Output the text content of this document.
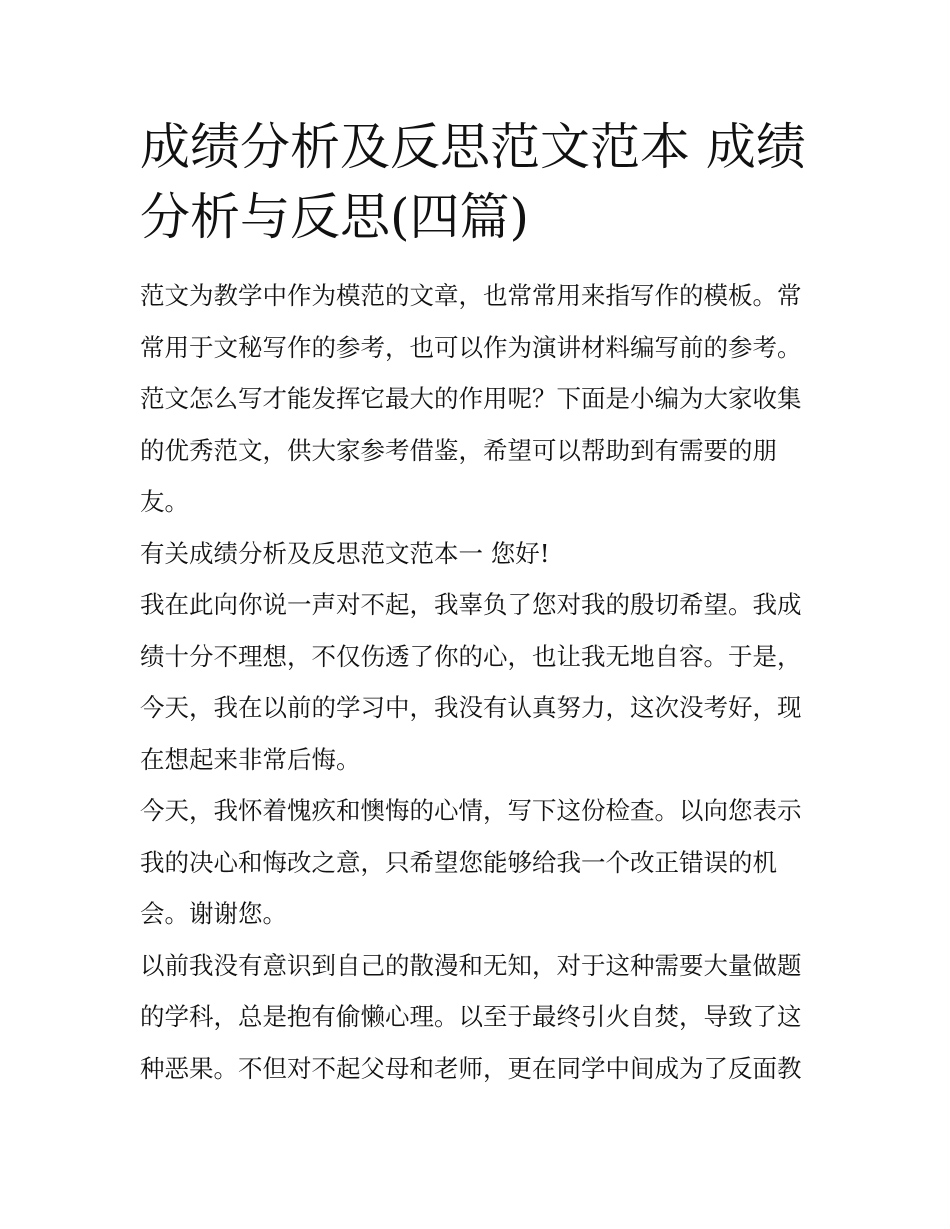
成绩分析及反思范文范本 成绩分析与反思(四篇)

范文为教学中作为模范的文章，也常常用来指写作的模板。常常用于文秘写作的参考，也可以作为演讲材料编写前的参考。范文怎么写才能发挥它最大的作用呢？下面是小编为大家收集的优秀范文，供大家参考借鉴，希望可以帮助到有需要的朋友。

有关成绩分析及反思范文范本一 您好!

我在此向你说一声对不起，我辜负了您对我的殷切希望。我成绩十分不理想，不仅伤透了你的心，也让我无地自容。于是，今天，我在以前的学习中，我没有认真努力，这次没考好，现在想起来非常后悔。

今天，我怀着愧疚和懊悔的心情，写下这份检查。以向您表示我的决心和悔改之意，只希望您能够给我一个改正错误的机会。谢谢您。

以前我没有意识到自己的散漫和无知，对于这种需要大量做题的学科，总是抱有偷懒心理。以至于最终引火自焚，导致了这种恶果。不但对不起父母和老师，更在同学中间成为了反面教
